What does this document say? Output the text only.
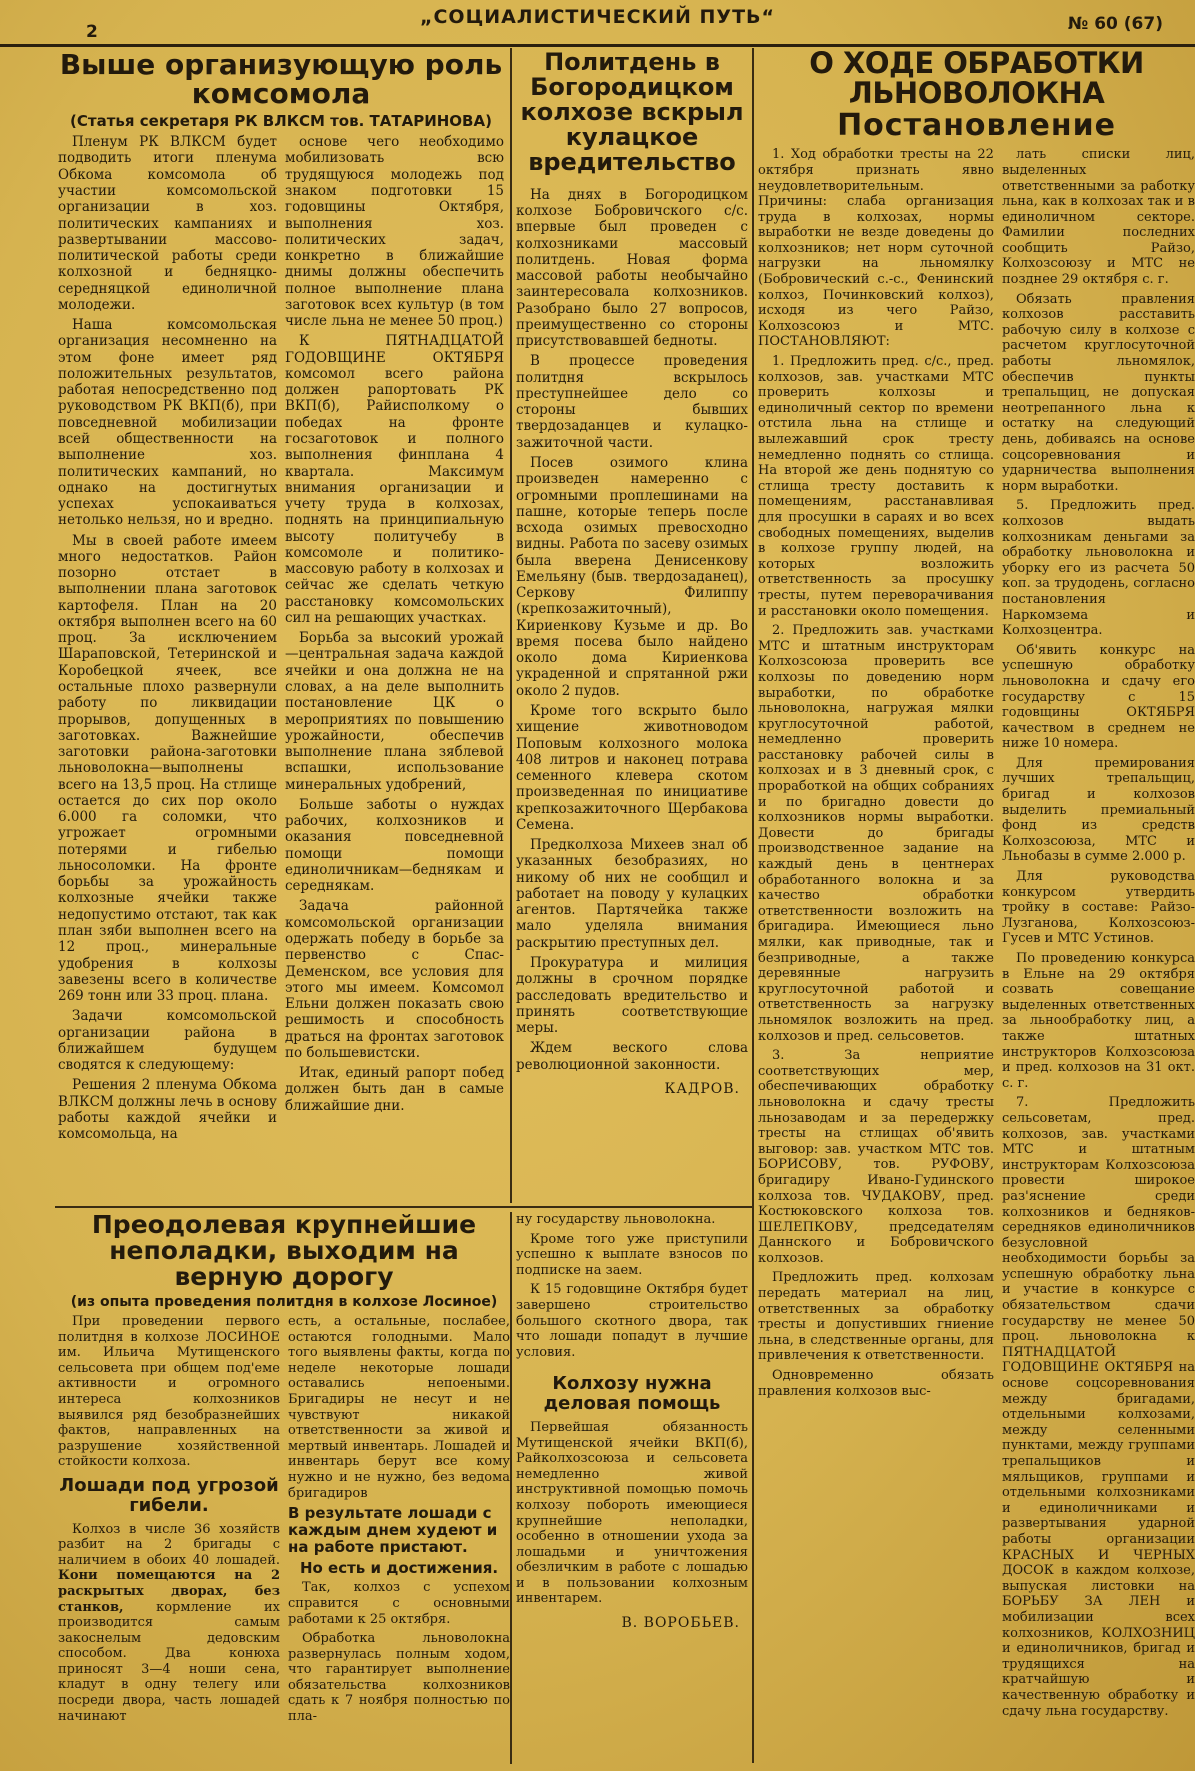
2
„СОЦИАЛИСТИЧЕСКИЙ ПУТЬ“	№ 60 (67)
Выше организующую роль комсомола
(Статья секретаря РК ВЛКСМ тов. ТАТАРИНОВА)

Пленум РК ВЛКСМ будет подводить итоги пленума Обкома комсомола об участии комсомольской организации в хоз. политических кампаниях и развертывании массово-политической работы среди колхозной и бедняцко-середняцкой единоличной молодежи.

Наша комсомольская организация несомненно на этом фоне имеет ряд положительных результатов, работая непосредственно под руководством РК ВКП(б), при повседневной мобилизации всей общественности на выполнение хоз. политических кампаний, но однако на достигнутых успехах успокаиваться нетолько нельзя, но и вредно.

Мы в своей работе имеем много недостатков. Район позорно отстает в выполнении плана заготовок картофеля. План на 20 октября выполнен всего на 60 проц. За исключением Шараповской, Тетеринской и Коробецкой ячеек, все остальные плохо развернули работу по ликвидации прорывов, допущенных в заготовках. Важнейшие заготовки района-заготовки льноволокна—выполнены всего на 13,5 проц. На стлище остается до сих пор около 6.000 га соломки, что угрожает огромными потерями и гибелью льносоломки. На фронте борьбы за урожайность колхозные ячейки также недопустимо отстают, так как план зяби выполнен всего на 12 проц., минеральные удобрения в колхозы завезены всего в количестве 269 тонн или 33 проц. плана.

Задачи комсомольской организации района в ближайшем будущем сводятся к следующему:

Решения 2 пленума Обкома ВЛКСМ должны лечь в основу работы каждой ячейки и комсомольца, на

основе чего необходимо мобилизовать всю трудящуюся молодежь под знаком подготовки 15 годовщины Октября, выполнения хоз. политических задач, конкретно в ближайшие днимы должны обеспечить полное выполнение плана заготовок всех культур (в том числе льна не менее 50 проц.)

К ПЯТНАДЦАТОЙ ГОДОВЩИНЕ ОКТЯБРЯ комсомол всего района должен рапортовать РК ВКП(б), Райисполкому о победах на фронте госзаготовок и полного выполнения финплана 4 квартала. Максимум внимания организации и учету труда в колхозах, поднять на принципиальную высоту политучебу в комсомоле и политико-массовую работу в колхозах и сейчас же сделать четкую расстановку комсомольских сил на решающих участках.

Борьба за высокий урожай—центральная задача каждой ячейки и она должна не на словах, а на деле выполнить постановление ЦК о мероприятиях по повышению урожайности, обеспечив выполнение плана зяблевой вспашки, использование минеральных удобрений,

Больше заботы о нуждах рабочих, колхозников и оказания повседневной помощи помощи единоличникам—беднякам и середнякам.

Задача районной комсомольской организации одержать победу в борьбе за первенство с Спас-Деменском, все условия для этого мы имеем. Комсомол Ельни должен показать свою решимость и способность драться на фронтах заготовок по большевистски.

Итак, единый рапорт побед должен быть дан в самые ближайшие дни.

Политдень в Богородицком колхозе вскрыл кулацкое вредительство

На днях в Богородицком колхозе Бобровичского с/с. впервые был проведен с колхозниками массовый политдень. Новая форма массовой работы необычайно заинтересовала колхозников. Разобрано было 27 вопросов, преимущественно со стороны присутствовавшей бедноты.

В процессе проведения политдня вскрылось преступнейшее дело со стороны бывших твердозаданцев и кулацко-зажиточной части.

Посев озимого клина произведен намеренно с огромными проплешинами на пашне, которые теперь после всхода озимых превосходно видны. Работа по засеву озимых была вверена Денисенкову Емельяну (быв. твердозаданец), Серкову Филиппу (крепкозажиточный), Кириенкову Кузьме и др. Во время посева было найдено около дома Кириенкова украденной и спрятанной ржи около 2 пудов.

Кроме того вскрыто было хищение животноводом Поповым колхозного молока 408 литров и наконец потрава семенного клевера скотом произведенная по инициативе крепкозажиточного Щербакова Семена.

Предколхоза Михеев знал об указанных безобразиях, но никому об них не сообщил и работает на поводу у кулацких агентов. Партячейка также мало уделяла внимания раскрытию преступных дел.

Прокуратура и милиция должны в срочном порядке расследовать вредительство и принять соответствующие меры.

Ждем веского слова революционной законности.

КАДРОВ.
О ХОДЕ ОБРАБОТКИ ЛЬНОВОЛОКНА
Постановление

1. Ход обработки тресты на 22 октября признать явно неудовлетворительным. Причины: слаба организация труда в колхозах, нормы выработки не везде доведены до колхозников; нет норм суточной нагрузки на льномялку (Бобровический с.-с., Фенинский колхоз, Починковский колхоз), исходя из чего Райзо, Колхозсоюз и МТС. ПОСТАНОВЛЯЮТ:

1. Предложить пред. с/с., пред. колхозов, зав. участками МТС проверить колхозы и единоличный сектор по времени отстила льна на стлище и вылежавший срок тресту немедленно поднять со стлища. На второй же день поднятую со стлища тресту доставить к помещениям, расстанавливая для просушки в сараях и во всех свободных помещениях, выделив в колхозе группу людей, на которых возложить ответственность за просушку тресты, путем переворачивания и расстановки около помещения.

2. Предложить зав. участками МТС и штатным инструкторам Колхозсоюза проверить все колхозы по доведению норм выработки, по обработке льноволокна, нагружая мялки круглосуточной работой, немедленно проверить расстановку рабочей силы в колхозах и в 3 дневный срок, с проработкой на общих собраниях и по бригадно довести до колхозников нормы выработки. Довести до бригады производственное задание на каждый день в центнерах обработанного волокна и за качество обработки ответственности возложить на бригадира. Имеющиеся льно мялки, как приводные, так и безприводные, а также деревянные нагрузить круглосуточной работой и ответственность за нагрузку льномялок возложить на пред. колхозов и пред. сельсоветов.

3. За неприятие соответствующих мер, обеспечивающих обработку льноволокна и сдачу тресты льнозаводам и за передержку тресты на стлищах об'явить выговор: зав. участком МТС тов. БОРИСОВУ, тов. РУФОВУ, бригадиру Ивано-Гудинского колхоза тов. ЧУДАКОВУ, пред. Костюковского колхоза тов. ШЕЛЕПКОВУ, председателям Даннского и Бобровичского колхозов.

Предложить пред. колхозам передать материал на лиц, ответственных за обработку тресты и допустивших гниение льна, в следственные органы, для привлечения к ответственности.

Одновременно обязать правления колхозов выс-

лать списки лиц, выделенных ответственными за работку льна, как в колхозах так и в единоличном секторе. Фамилии последних сообщить Райзо, Колхозсоюзу и МТС не позднее 29 октября с. г.

Обязать правления колхозов расставить рабочую силу в колхозе с расчетом круглосуточной работы льномялок, обеспечив пункты трепальщиц, не допуская неотрепанного льна к остатку на следующий день, добиваясь на основе соцсоревнования и ударничества выполнения норм выработки.

5. Предложить пред. колхозов выдать колхозникам деньгами за обработку льноволокна и уборку его из расчета 50 коп. за трудодень, согласно постановления Наркомзема и Колхозцентра.

Об'явить конкурс на успешную обработку льноволокна и сдачу его государству с 15 годовщины ОКТЯБРЯ качеством в среднем не ниже 10 номера.

Для премирования лучших трепальщиц, бригад и колхозов выделить премиальный фонд из средств Колхозсоюза, МТС и Льнобазы в сумме 2.000 р.

Для руководства конкурсом утвердить тройку в составе: Райзо-Лузганова, Колхозсоюз-Гусев и МТС Устинов.

По проведению конкурса в Ельне на 29 октября созвать совещание выделенных ответственных за льнообработку лиц, а также штатных инструкторов Колхозсоюза и пред. колхозов на 31 окт. с. г.

7. Предложить сельсоветам, пред. колхозов, зав. участками МТС и штатным инструкторам Колхозсоюза провести широкое раз'яснение среди колхозников и бедняков-середняков единоличников безусловной необходимости борьбы за успешную обработку льна и участие в конкурсе с обязательством сдачи государству не менее 50 проц. льноволокна к ПЯТНАДЦАТОЙ ГОДОВЩИНЕ ОКТЯБРЯ на основе соцсоревнования между бригадами, отдельными колхозами, между селенными пунктами, между группами трепальщиков и мяльщиков, группами и отдельными колхозниками и единоличниками и развертывания ударной работы организации КРАСНЫХ И ЧЕРНЫХ ДОСОК в каждом колхозе, выпуская листовки на БОРЬБУ ЗА ЛЕН и мобилизации всех колхозников, КОЛХОЗНИЦ и единоличников, бригад и трудящихся на кратчайшую и качественную обработку и сдачу льна государству.

Преодолевая крупнейшие неполадки, выходим на верную дорогу
(из опыта проведения политдня в колхозе Лосиное)

При проведении первого политдня в колхозе ЛОСИНОЕ им. Ильича Мутищенского сельсовета при общем под'еме активности и огромного интереса колхозников выявился ряд безобразнейших фактов, направленных на разрушение хозяйственной стойкости колхоза.

Лошади под угрозой гибели.

Колхоз в числе 36 хозяйств разбит на 2 бригады с наличием в обоих 40 лошадей. Кони помещаются на 2 раскрытых дворах, без станков,	кормление их производится самым закоснелым дедовским способом. Два конюха приносят 3—4 ноши сена, кладут в одну телегу или посреди двора, часть лошадей начинают

есть, а остальные, послабее, остаются голодными. Мало того выявлены факты, когда по неделе некоторые лошади оставались непоеными. Бригадиры не несут и не чувствуют никакой ответственности за живой и мертвый инвентарь. Лошадей и инвентарь берут все кому нужно и не нужно, без ведома бригадиров

В результате лошади с каждым днем худеют и на работе пристают.
Но есть и достижения.

Так, колхоз с успехом справится с основными работами к 25 октября.

Обработка льноволокна развернулась полным ходом, что гарантирует выполнение обязательства колхозников сдать к 7 ноября полностью по пла-

ну государству льноволокна.

Кроме того уже приступили успешно к выплате взносов по подписке на заем.

К 15 годовщине Октября будет завершено строительство большого скотного двора, так что лошади попадут в лучшие условия.

Колхозу нужна деловая помощь

Первейшая обязанность Мутищенской ячейки ВКП(б), Райколхозсоюза и сельсовета немедленно живой инструктивной помощью помочь колхозу побороть имеющиеся крупнейшие неполадки, особенно в отношении ухода за лошадьми и уничтожения обезличким в работе с лошадью и в пользовании колхозным инвентарем.

В. ВОРОБЬЕВ.
